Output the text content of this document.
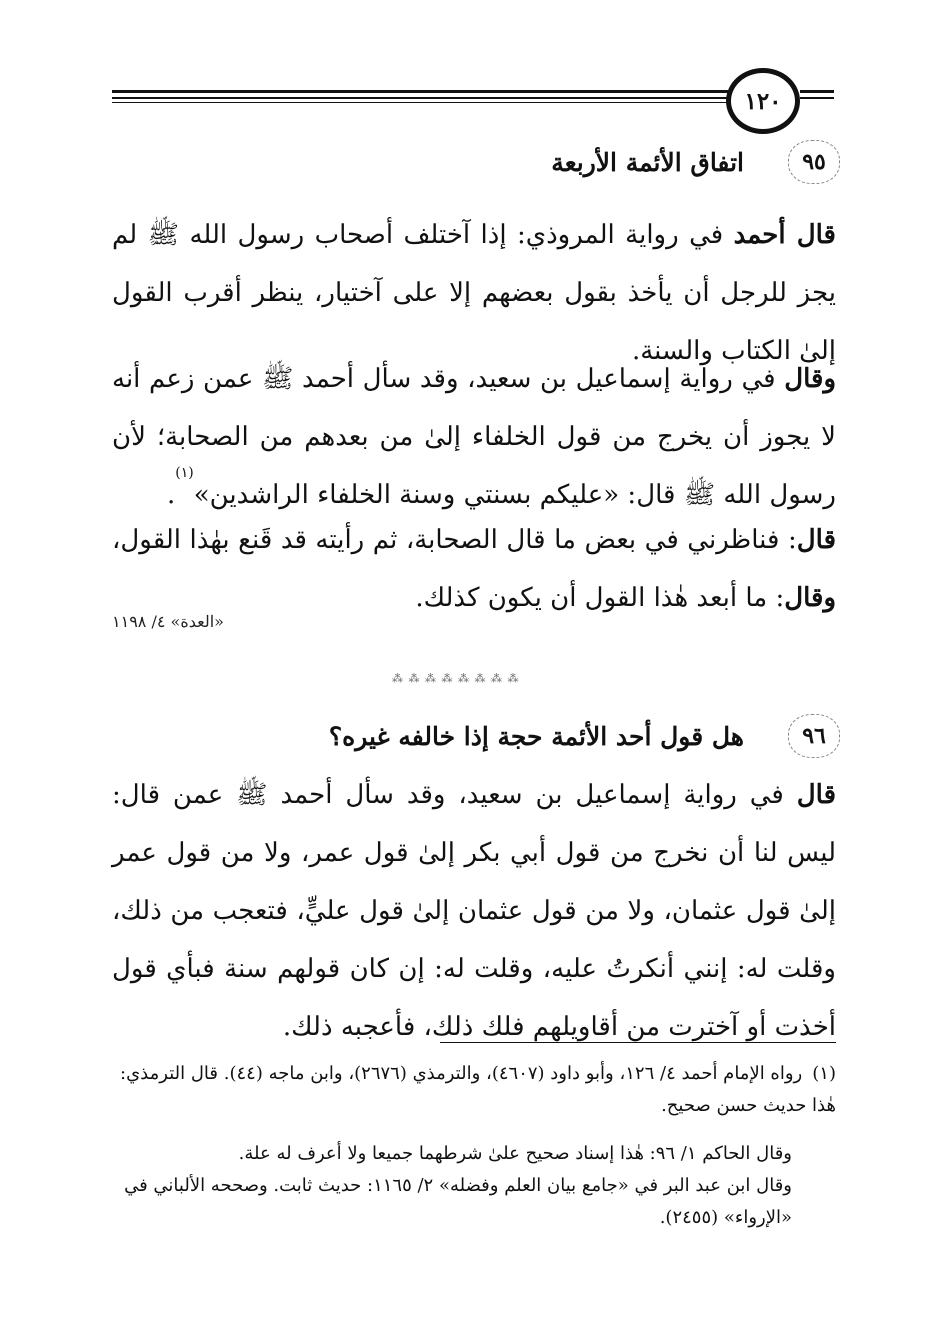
١٢٠
٩٥
اتفاق الأئمة الأربعة

قال أحمد في رواية المروذي: إذا آختلف أصحاب رسول الله ﷺ لم يجز للرجل أن يأخذ بقول بعضهم إلا على آختيار، ينظر أقرب القول إلىٰ الكتاب والسنة.

وقال في رواية إسماعيل بن سعيد، وقد سأل أحمد ﷺ عمن زعم أنه لا يجوز أن يخرج من قول الخلفاء إلىٰ من بعدهم من الصحابة؛ لأن رسول الله ﷺ قال: «عليكم بسنتي وسنة الخلفاء الراشدين»$^{(١)}$.

قال: فناظرني في بعض ما قال الصحابة، ثم رأيته قد قَنع بهٰذا القول، وقال: ما أبعد هٰذا القول أن يكون كذلك.

«العدة» ٤/ ١١٩٨
⁂ ⁂ ⁂ ⁂ ⁂ ⁂ ⁂ ⁂
٩٦
هل قول أحد الأئمة حجة إذا خالفه غيره؟

قال في رواية إسماعيل بن سعيد، وقد سأل أحمد ﷺ عمن قال: ليس لنا أن نخرج من قول أبي بكر إلىٰ قول عمر، ولا من قول عمر إلىٰ قول عثمان، ولا من قول عثمان إلىٰ قول عليٍّ، فتعجب من ذلك، وقلت له: إنني أنكرتُ عليه، وقلت له: إن كان قولهم سنة فبأي قول أخذت أو آخترت من أقاويلهم فلك ذلك، فأعجبه ذلك.

(١)رواه الإمام أحمد ٤/ ١٢٦، وأبو داود (٤٦٠٧)، والترمذي (٢٦٧٦)، وابن ماجه (٤٤). قال الترمذي: هٰذا حديث حسن صحيح.

وقال الحاكم ١/ ٩٦: هٰذا إسناد صحيح علىٰ شرطهما جميعا ولا أعرف له علة.

وقال ابن عبد البر في «جامع بيان العلم وفضله» ٢/ ١١٦٥: حديث ثابت. وصححه الألباني في «الإرواء» (٢٤٥٥).
